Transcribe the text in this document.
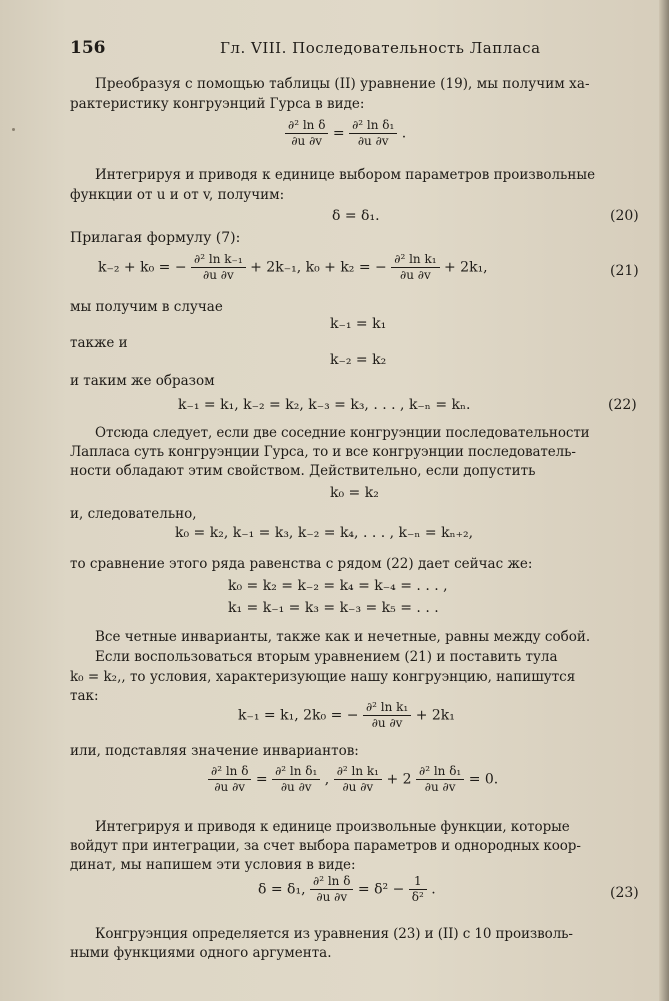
156	Гл. VIII. Последовательность Лапласа
Преобразуя с помощью таблицы (II) уравнение (19), мы получим ха-
рактеристику конгруэнций Гурса в виде:
$\frac{\text{∂² ln δ}}{\partial u \partial v} = \frac{\text{∂² ln δ₁}}{\partial u \partial v}$ .
Интегрируя и приводя к единице выбором параметров произвольные
функции от u и от v, получим:
δ = δ₁.	(20)
Прилагая формулу (7):
k₋₂ + k₀ = − $\frac{\text{∂² ln k₋₁}}{\partial u \partial v} + 2k_{-1}$, k₀ + k₂ = − $\frac{\text{∂² ln k₁}}{\partial u \partial v} + 2k_1$,	(21)
мы получим в случае
k₋₁ = k₁
также и
k₋₂ = k₂
и таким же образом
k₋₁ = k₁, k₋₂ = k₂, k₋₃ = k₃, . . . , k₋ₙ = kₙ.	(22)
Отсюда следует, если две соседние конгруэнции последовательности
Лапласа суть конгруэнции Гурса, то и все конгруэнции последователь-
ности обладают этим свойством. Действительно, если допустить
k₀ = k₂
и, следовательно,
k₀ = k₂, k₋₁ = k₃, k₋₂ = k₄, . . . , k₋ₙ = kₙ₊₂,
то сравнение этого ряда равенства с рядом (22) дает сейчас же:
k₀ = k₂ = k₋₂ = k₄ = k₋₄ = . . . ,
k₁ = k₋₁ = k₃ = k₋₃ = k₅ = . . .
Все четные инварианты, также как и нечетные, равны между собой.
Если воспользоваться вторым уравнением (21) и поставить тула
k₀ = k₂,, то условия, характеризующие нашу конгруэнцию, напишутся
так:
k₋₁ = k₁, 2k₀ = − $\frac{\text{∂² ln k₁}}{\partial u \partial v} + 2k_1$
или, подставляя значение инвариантов:
$\frac{\text{∂² ln δ}}{\partial u \partial v} = \frac{\text{∂² ln δ₁}}{\partial u \partial v}$ , $\frac{\text{∂² ln k₁}}{\partial u \partial v} + 2 \frac{\text{∂² ln δ₁}}{\partial u \partial v} = 0$.
Интегрируя и приводя к единице произвольные функции, которые
войдут при интеграции, за счет выбора параметров и однородных коор-
динат, мы напишем эти условия в виде:
δ = δ₁, $\frac{\text{∂² ln δ}}{\partial u \partial v} = \delta^2 - \frac{1}{\text{δ²}}$ .	(23)
Конгруэнция определяется из уравнения (23) и (II) с 10 произволь-
ными функциями одного аргумента.
